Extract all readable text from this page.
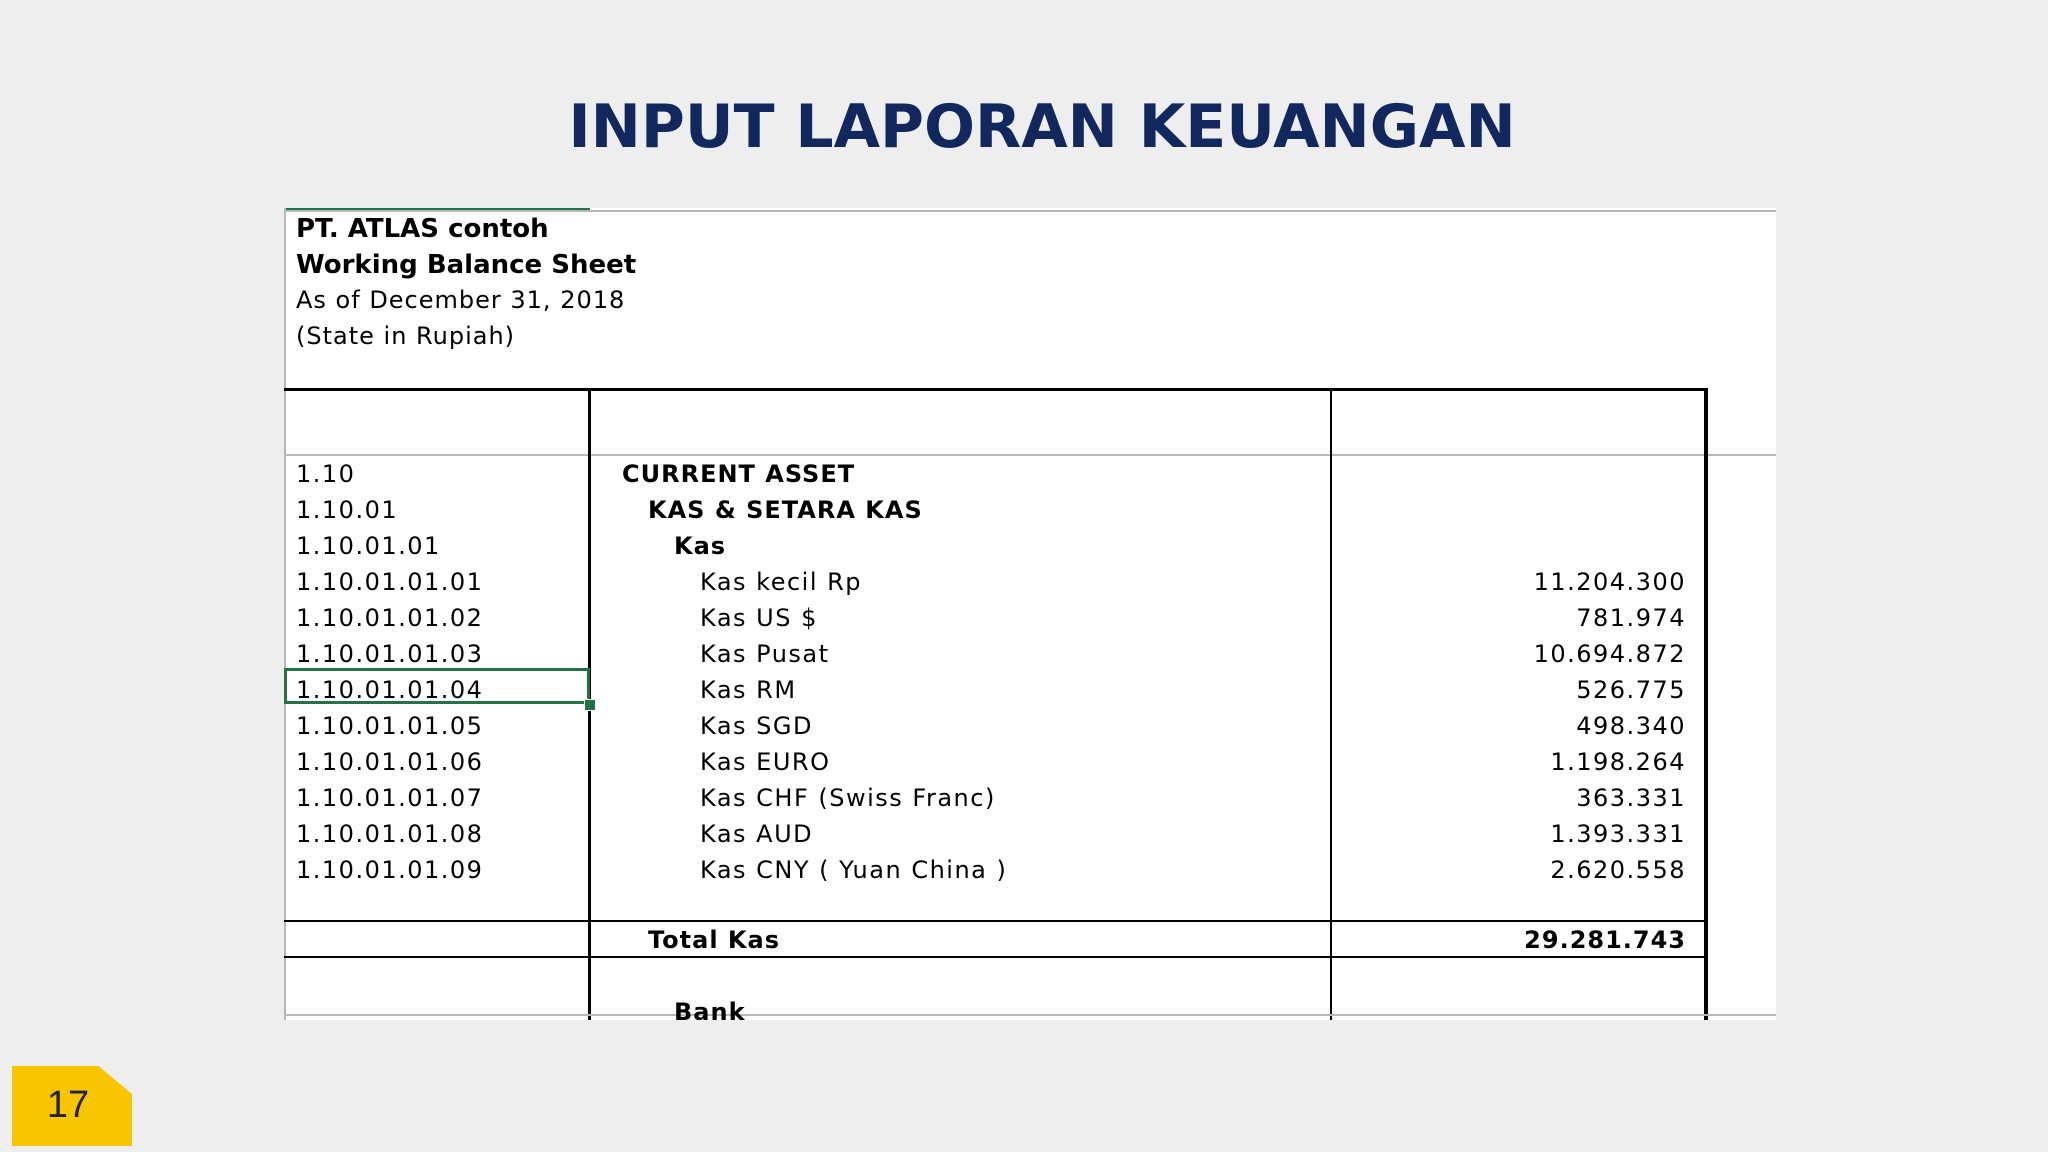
INPUT LAPORAN KEUANGAN
PT. ATLAS contoh
Working Balance Sheet
As of December 31, 2018
(State in Rupiah)
1.10	CURRENT ASSET
1.10.01	KAS & SETARA KAS
1.10.01.01	Kas
1.10.01.01.01	Kas kecil Rp	11.204.300
1.10.01.01.02	Kas US $	781.974
1.10.01.01.03	Kas Pusat	10.694.872
1.10.01.01.04	Kas RM	526.775
1.10.01.01.05	Kas SGD	498.340
1.10.01.01.06	Kas EURO	1.198.264
1.10.01.01.07	Kas CHF (Swiss Franc)	363.331
1.10.01.01.08	Kas AUD	1.393.331
1.10.01.01.09	Kas CNY ( Yuan China )	2.620.558
Total Kas	29.281.743
Bank
17
